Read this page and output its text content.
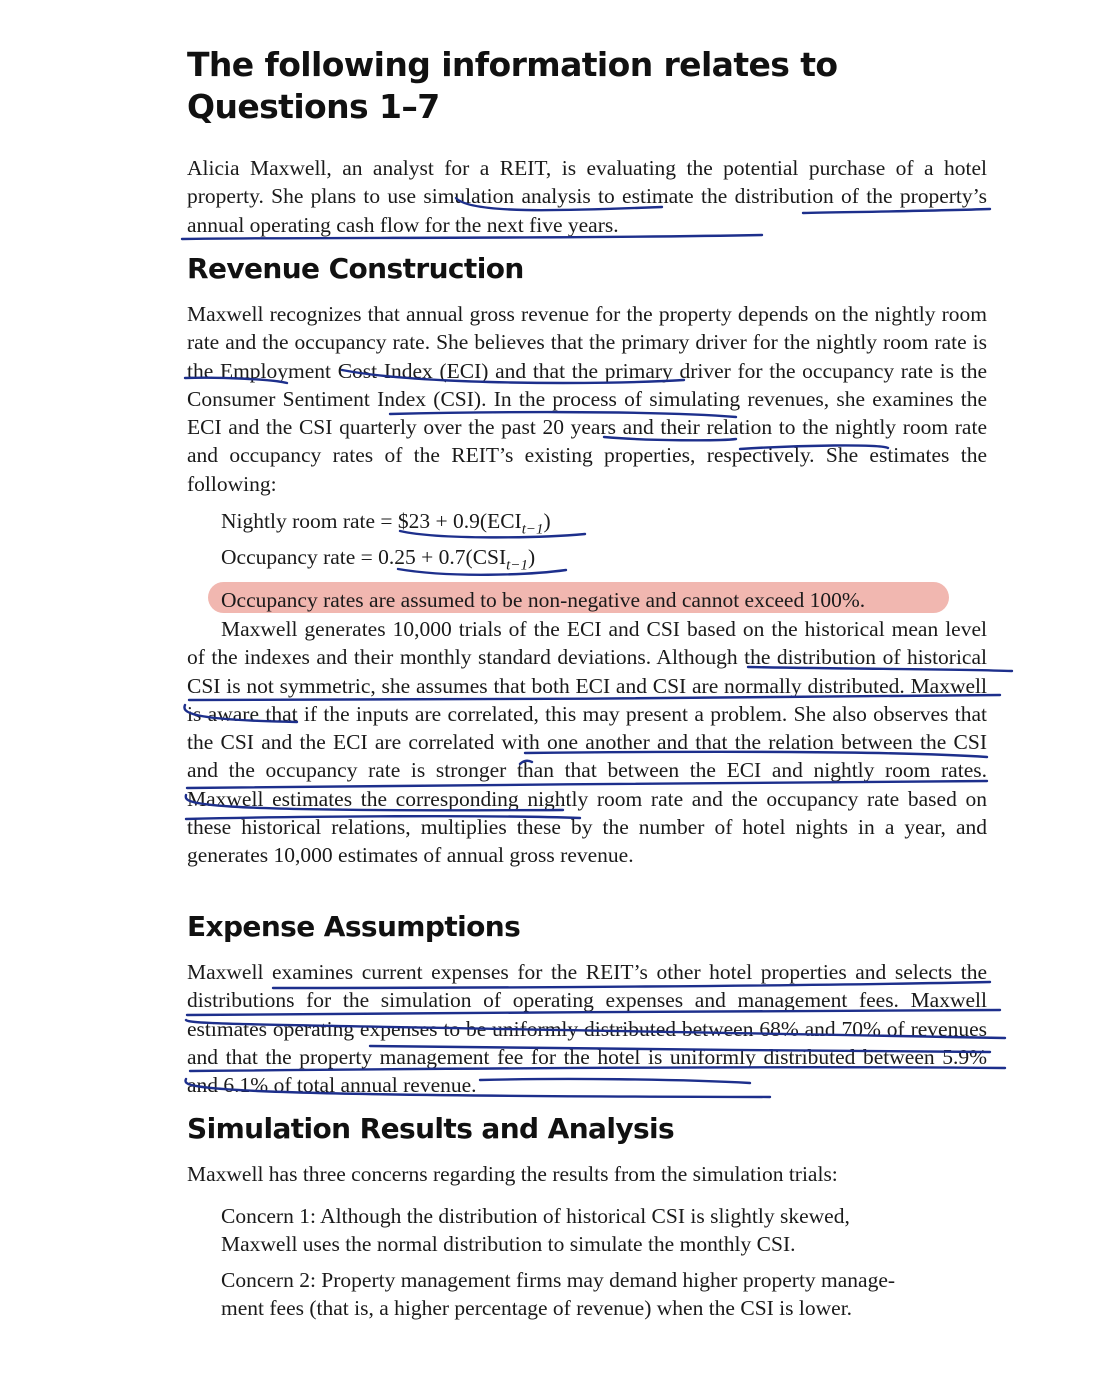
The following information relates to Questions 1–7
Alicia Maxwell, an analyst for a REIT, is evaluating the potential purchase of a hotel property. She plans to use simulation analysis to estimate the distribution of the property’s annual operating cash flow for the next five years.
Revenue Construction
Maxwell recognizes that annual gross revenue for the property depends on the nightly room rate and the occupancy rate. She believes that the primary driver for the nightly room rate is the Employment Cost Index (ECI) and that the primary driver for the occupancy rate is the Consumer Sentiment Index (CSI). In the process of simulating revenues, she examines the ECI and the CSI quarterly over the past 20 years and their relation to the nightly room rate and occupancy rates of the REIT’s existing properties, respectively. She estimates the following:
Nightly room rate = $23 + $0.9(ECI_{t-1})$
Occupancy rate = $0.25 + 0.7(CSI_{t-1})$
Occupancy rates are assumed to be non-negative and cannot exceed 100%.
Maxwell generates 10,000 trials of the ECI and CSI based on the historical mean level of the indexes and their monthly standard deviations. Although the distribution of historical CSI is not symmetric, she assumes that both ECI and CSI are normally distributed. Maxwell is aware that if the inputs are correlated, this may present a problem. She also observes that the CSI and the ECI are correlated with one another and that the relation between the CSI and the occupancy rate is stronger than that between the ECI and nightly room rates. Maxwell estimates the corresponding nightly room rate and the occupancy rate based on these historical relations, multiplies these by the number of hotel nights in a year, and generates 10,000 estimates of annual gross revenue.
Expense Assumptions
Maxwell examines current expenses for the REIT’s other hotel properties and selects the distributions for the simulation of operating expenses and management fees. Maxwell estimates operating expenses to be uniformly distributed between 68% and 70% of revenues and that the property management fee for the hotel is uniformly distributed between 5.9% and 6.1% of total annual revenue.
Simulation Results and Analysis
Maxwell has three concerns regarding the results from the simulation trials:
Concern 1: Although the distribution of historical CSI is slightly skewed,
Maxwell uses the normal distribution to simulate the monthly CSI.
Concern 2: Property management firms may demand higher property manage-
ment fees (that is, a higher percentage of revenue) when the CSI is lower.
